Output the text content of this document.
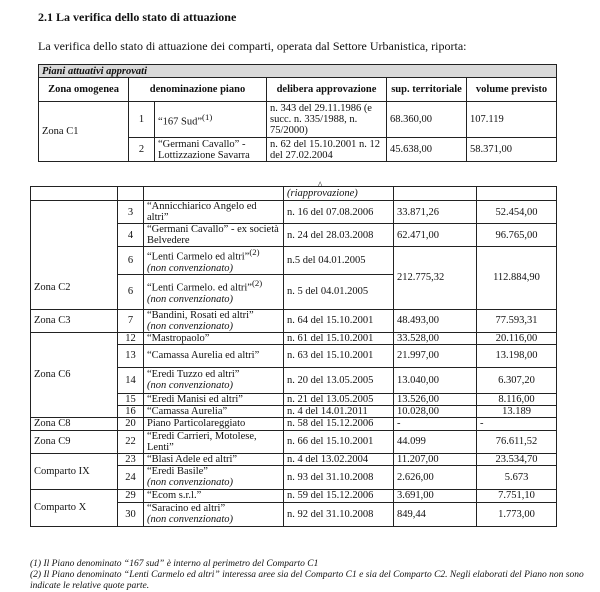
2.1 La verifica dello stato di attuazione
La verifica dello stato di attuazione dei comparti, operata dal Settore Urbanistica, riporta:
Piani attuativi approvati					
Zona omogenea	denominazione piano		delibera approvazione	sup. territoriale	volume previsto
Zona C1	1	“167 Sud”$^{(1)}$	n. 343 del 29.11.1986 (e succ. n. 335/1988, n. 75/2000)	68.360,00	107.119
	2	“Germani Cavallo” - Lottizzazione Savarra	n. 62 del 15.10.2001 n. 12 del 27.02.2004	45.638,00	58.371,00
^
			(riapprovazione)		
Zona C2	3	“Annicchiarico Angelo ed altri”	n. 16 del 07.08.2006	33.871,26	52.454,00
	4	“Germani Cavallo” - ex società Belvedere	n. 24 del 28.03.2008	62.471,00	96.765,00
	6	“Lenti Carmelo ed altri”$^{(2)}$
(non convenzionato)	n.5 del 04.01.2005	212.775,32	112.884,90
	6	“Lenti Carmelo. ed altri”$^{(2)}$
(non convenzionato)	n. 5 del 04.01.2005		
Zona C3	7	“Bandini, Rosati ed altri”
(non convenzionato)	n. 64 del 15.10.2001	48.493,00	77.593,31
Zona C6	12	“Mastropaolo”	n. 61 del 15.10.2001	33.528,00	20.116,00
	13	“Camassa Aurelia ed altri”	n. 63 del 15.10.2001	21.997,00	13.198,00
	14	“Eredi Tuzzo ed altri”
(non convenzionato)	n. 20 del 13.05.2005	13.040,00	6.307,20
	15	“Eredi Manisi ed altri”	n. 21 del 13.05.2005	13.526,00	8.116,00
	16	“Camassa Aurelia”	n. 4 del 14.01.2011	10.028,00	13.189
Zona C8	20	Piano Particolareggiato	n. 58 del 15.12.2006	-	-
Zona C9	22	“Eredi Carrieri, Motolese, Lenti”	n. 66 del 15.10.2001	44.099	76.611,52
Comparto IX	23	“Blasi Adele ed altri”	n. 4 del 13.02.2004	11.207,00	23.534,70
	24	“Eredi Basile”
(non convenzionato)	n. 93 del 31.10.2008	2.626,00	5.673
Comparto X	29	“Ecom s.r.l.”	n. 59 del 15.12.2006	3.691,00	7.751,10
	30	“Saracino ed altri”
(non convenzionato)	n. 92 del 31.10.2008	849,44	1.773,00
(1) Il Piano denominato “167 sud” è interno al perimetro del Comparto C1
(2) Il Piano denominato “Lenti Carmelo ed altri” interessa aree sia del Comparto C1 e sia del Comparto C2. Negli elaborati del Piano non sono indicate le relative quote parte.
